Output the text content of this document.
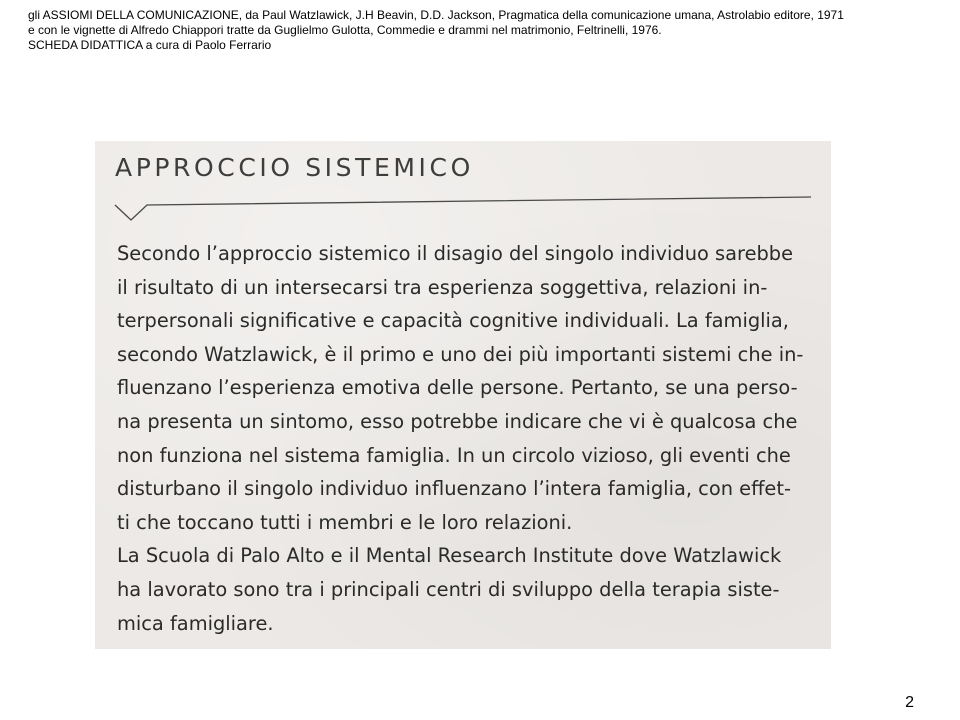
gli ASSIOMI DELLA COMUNICAZIONE, da Paul Watzlawick, J.H Beavin, D.D. Jackson, Pragmatica della comunicazione umana, Astrolabio editore, 1971
e con le vignette di Alfredo Chiappori tratte da Guglielmo Gulotta, Commedie e drammi nel matrimonio, Feltrinelli, 1976.
SCHEDA DIDATTICA a cura di Paolo Ferrario
APPROCCIO SISTEMICO
Secondo l’approccio sistemico il disagio del singolo individuo sarebbe
il risultato di un intersecarsi tra esperienza soggettiva, relazioni in-
terpersonali significative e capacità cognitive individuali. La famiglia,
secondo Watzlawick, è il primo e uno dei più importanti sistemi che in-
fluenzano l’esperienza emotiva delle persone. Pertanto, se una perso-
na presenta un sintomo, esso potrebbe indicare che vi è qualcosa che
non funziona nel sistema famiglia. In un circolo vizioso, gli eventi che
disturbano il singolo individuo influenzano l’intera famiglia, con effet-
ti che toccano tutti i membri e le loro relazioni.
La Scuola di Palo Alto e il Mental Research Institute dove Watzlawick
ha lavorato sono tra i principali centri di sviluppo della terapia siste-
mica famigliare.
2
